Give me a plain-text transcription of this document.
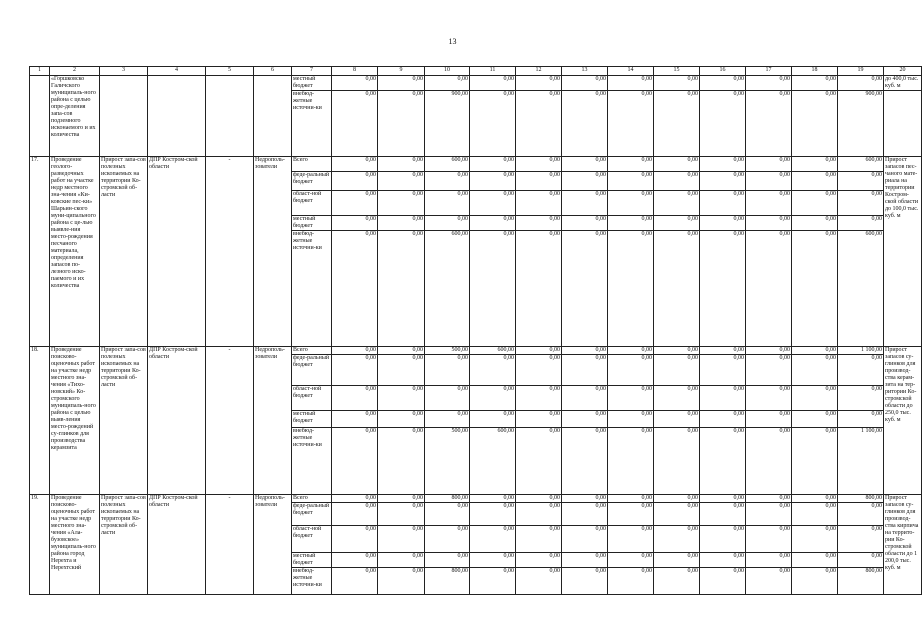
13
1	2	3	4	5	6	7	8	9	10	11	12	13	14	15	16	17	18	19	20
	«Горшковско Галичского муниципаль-ного района с целью опре-деления запа-сов подземного исконаемого и их количества					местный бюджет	0,00	0,00	0,00	0,00	0,00	0,00	0,00	0,00	0,00	0,00	0,00	0,00	до 400,0 тыс. куб. м
						внебюд-жетные источни-ки	0,00	0,00	900,00	0,00	0,00	0,00	0,00	0,00	0,00	0,00	0,00	900,00	
17.	Проведение геолого-разведочных работ на участке недр местного зна-чения «Ки-ковские пес-ки» Шарьин-ского муни-ципального района с це-лью выявле-ния место-рождения песчаного материала, определения запасов по-лезного иско-паемого и их количества	Прирост запа-сов полезных ископаемых на территории Ко-стромской об-ласти	ДПР Костром-ской области	-	Недрополь-зователи	Всего	0,00	0,00	600,00	0,00	0,00	0,00	0,00	0,00	0,00	0,00	0,00	600,00	Прирост запасов пес-чаного мате-риала на территории Костром-ской области до 100,0 тыс. куб. м
						феде-ральный бюджет	0,00	0,00	0,00	0,00	0,00	0,00	0,00	0,00	0,00	0,00	0,00	0,00	
						област-ной бюджет	0,00	0,00	0,00	0,00	0,00	0,00	0,00	0,00	0,00	0,00	0,00	0,00	
						местный бюджет	0,00	0,00	0,00	0,00	0,00	0,00	0,00	0,00	0,00	0,00	0,00	0,00	
						внебюд-жетные источни-ки	0,00	0,00	600,00	0,00	0,00	0,00	0,00	0,00	0,00	0,00	0,00	600,00	
18.	Проведение поисково-оценочных работ на участке недр местного зна-чения «Тихо-новский» Ко-стромского муниципаль-ного района с целью выяв-ления место-рождений су-глинков для производства керамзита	Прирост запа-сов полезных ископаемых на территории Ко-стромской об-ласти	ДПР Костром-ской области	-	Недрополь-зователи	Всего	0,00	0,00	500,00	600,00	0,00	0,00	0,00	0,00	0,00	0,00	0,00	1 100,00	Прирост запасов су-глинков для производ-ства керам-зита на тер-ритории Ко-стромской области до 250,0 тыс. куб. м
						феде-ральный бюджет	0,00	0,00	0,00	0,00	0,00	0,00	0,00	0,00	0,00	0,00	0,00	0,00	
						област-ной бюджет	0,00	0,00	0,00	0,00	0,00	0,00	0,00	0,00	0,00	0,00	0,00	0,00	
						местный бюджет	0,00	0,00	0,00	0,00	0,00	0,00	0,00	0,00	0,00	0,00	0,00	0,00	
						внебюд-жетные источни-ки	0,00	0,00	500,00	600,00	0,00	0,00	0,00	0,00	0,00	0,00	0,00	1 100,00	
19.	Проведение поисково-оценочных работ на участке недр местного зна-чения «Ала-бузовское» муниципаль-ного района город Нерехта и Нерехтский	Прирост запа-сов полезных ископаемых на территории Ко-стромской об-ласти	ДПР Костром-ской области	-	Недрополь-зователи	Всего	0,00	0,00	800,00	0,00	0,00	0,00	0,00	0,00	0,00	0,00	0,00	800,00	Прирост запасов су-глинков для производ-ства кирпича на террито-рии Ко-стромской области до 1 200,0 тыс. куб. м
						феде-ральный бюджет	0,00	0,00	0,00	0,00	0,00	0,00	0,00	0,00	0,00	0,00	0,00	0,00	
						област-ной бюджет	0,00	0,00	0,00	0,00	0,00	0,00	0,00	0,00	0,00	0,00	0,00	0,00	
						местный бюджет	0,00	0,00	0,00	0,00	0,00	0,00	0,00	0,00	0,00	0,00	0,00	0,00	
						внебюд-жетные источни-ки	0,00	0,00	800,00	0,00	0,00	0,00	0,00	0,00	0,00	0,00	0,00	800,00	
